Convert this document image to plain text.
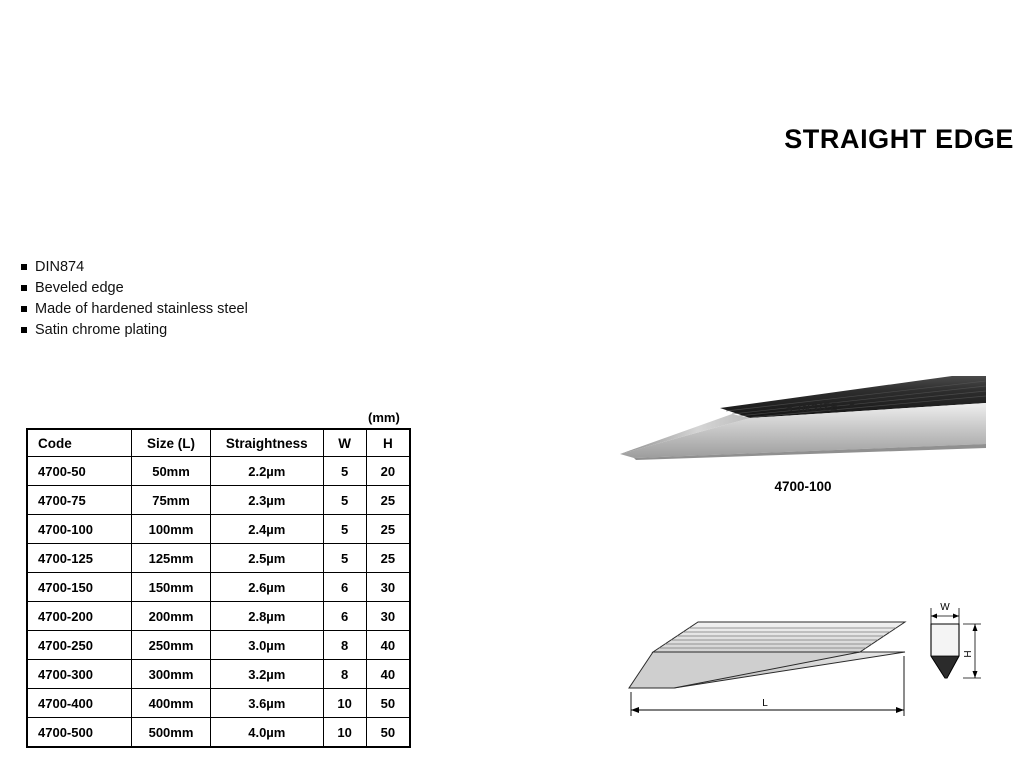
STRAIGHT EDGE
DIN874
Beveled edge
Made of hardened stainless steel
Satin chrome plating
(mm)
Code	Size (L)	Straightness	W	H
4700-50	50mm	2.2µm	5	20
4700-75	75mm	2.3µm	5	25
4700-100	100mm	2.4µm	5	25
4700-125	125mm	2.5µm	5	25
4700-150	150mm	2.6µm	6	30
4700-200	200mm	2.8µm	6	30
4700-250	250mm	3.0µm	8	40
4700-300	300mm	3.2µm	8	40
4700-400	400mm	3.6µm	10	50
4700-500	500mm	4.0µm	10	50
INSIZE
4700-100
L
W
H
